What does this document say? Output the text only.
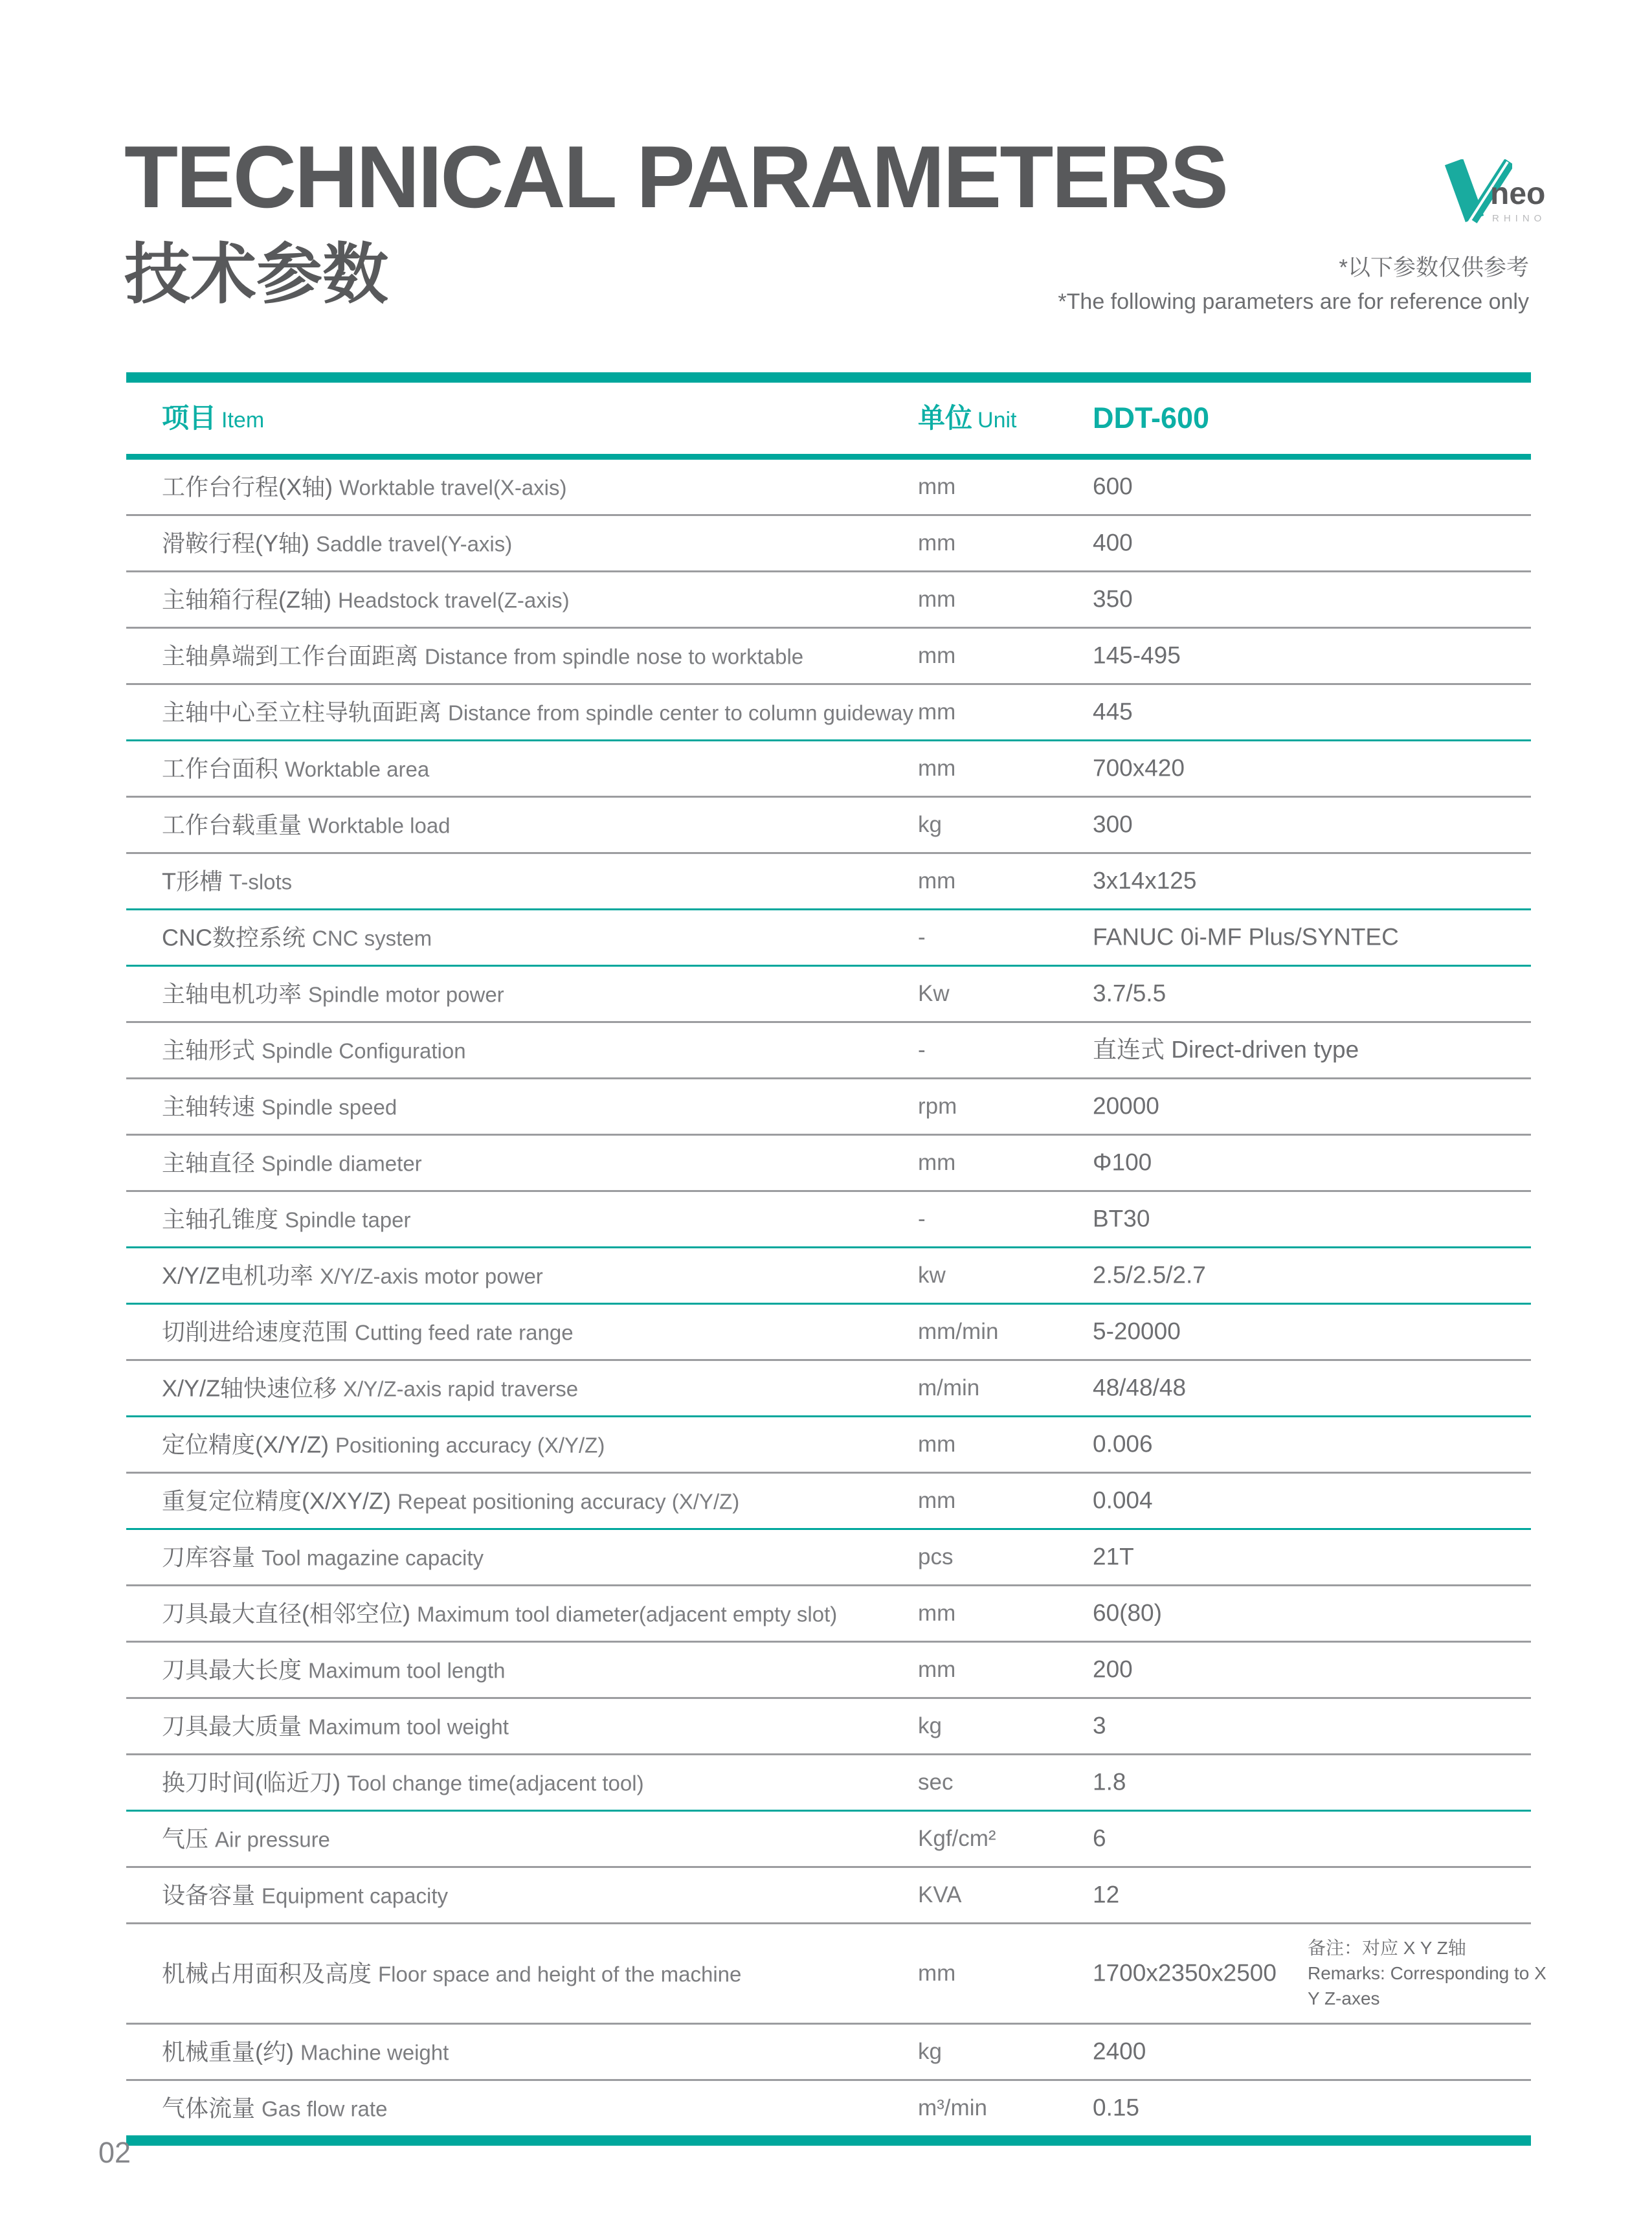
TECHNICAL PARAMETERS
技术参数
neo
RHINO
*以下参数仅供参考
*The following parameters are for reference only
项目 Item	单位 Unit	DDT-600
工作台行程(X轴) Worktable travel(X-axis)	mm	600
滑鞍行程(Y轴) Saddle travel(Y-axis)	mm	400
主轴箱行程(Z轴) Headstock travel(Z-axis)	mm	350
主轴鼻端到工作台面距离 Distance from spindle nose to worktable	mm	145-495
主轴中心至立柱导轨面距离 Distance from spindle center to column guideway mm	445
工作台面积 Worktable area	mm	700x420
工作台载重量 Worktable load	kg	300
T形槽 T-slots	mm	3x14x125
CNC数控系统 CNC system	-	FANUC 0i-MF Plus/SYNTEC
主轴电机功率 Spindle motor power	Kw	3.7/5.5
主轴形式 Spindle Configuration	-	直连式 Direct-driven type
主轴转速 Spindle speed	rpm	20000
主轴直径 Spindle diameter	mm	Φ100
主轴孔锥度 Spindle taper	-	BT30
X/Y/Z电机功率 X/Y/Z-axis motor power	kw	2.5/2.5/2.7
切削进给速度范围 Cutting feed rate range	mm/min	5-20000
X/Y/Z轴快速位移 X/Y/Z-axis rapid traverse	m/min	48/48/48
定位精度(X/Y/Z) Positioning accuracy (X/Y/Z)	mm	0.006
重复定位精度(X/XY/Z) Repeat positioning accuracy (X/Y/Z)	mm	0.004
刀库容量 Tool magazine capacity	pcs	21T
刀具最大直径(相邻空位) Maximum tool diameter(adjacent empty slot)	mm	60(80)
刀具最大长度 Maximum tool length	mm	200
刀具最大质量 Maximum tool weight	kg	3
换刀时间(临近刀) Tool change time(adjacent tool)	sec	1.8
气压 Air pressure	Kgf/cm²	6
设备容量 Equipment capacity	KVA	12
机械占用面积及高度 Floor space and height of the machine	mm	1700x2350x2500
备注：对应 X Y Z轴
Remarks: Corresponding to X Y Z-axes
机械重量(约) Machine weight	kg	2400
气体流量 Gas flow rate	m³/min	0.15
02
